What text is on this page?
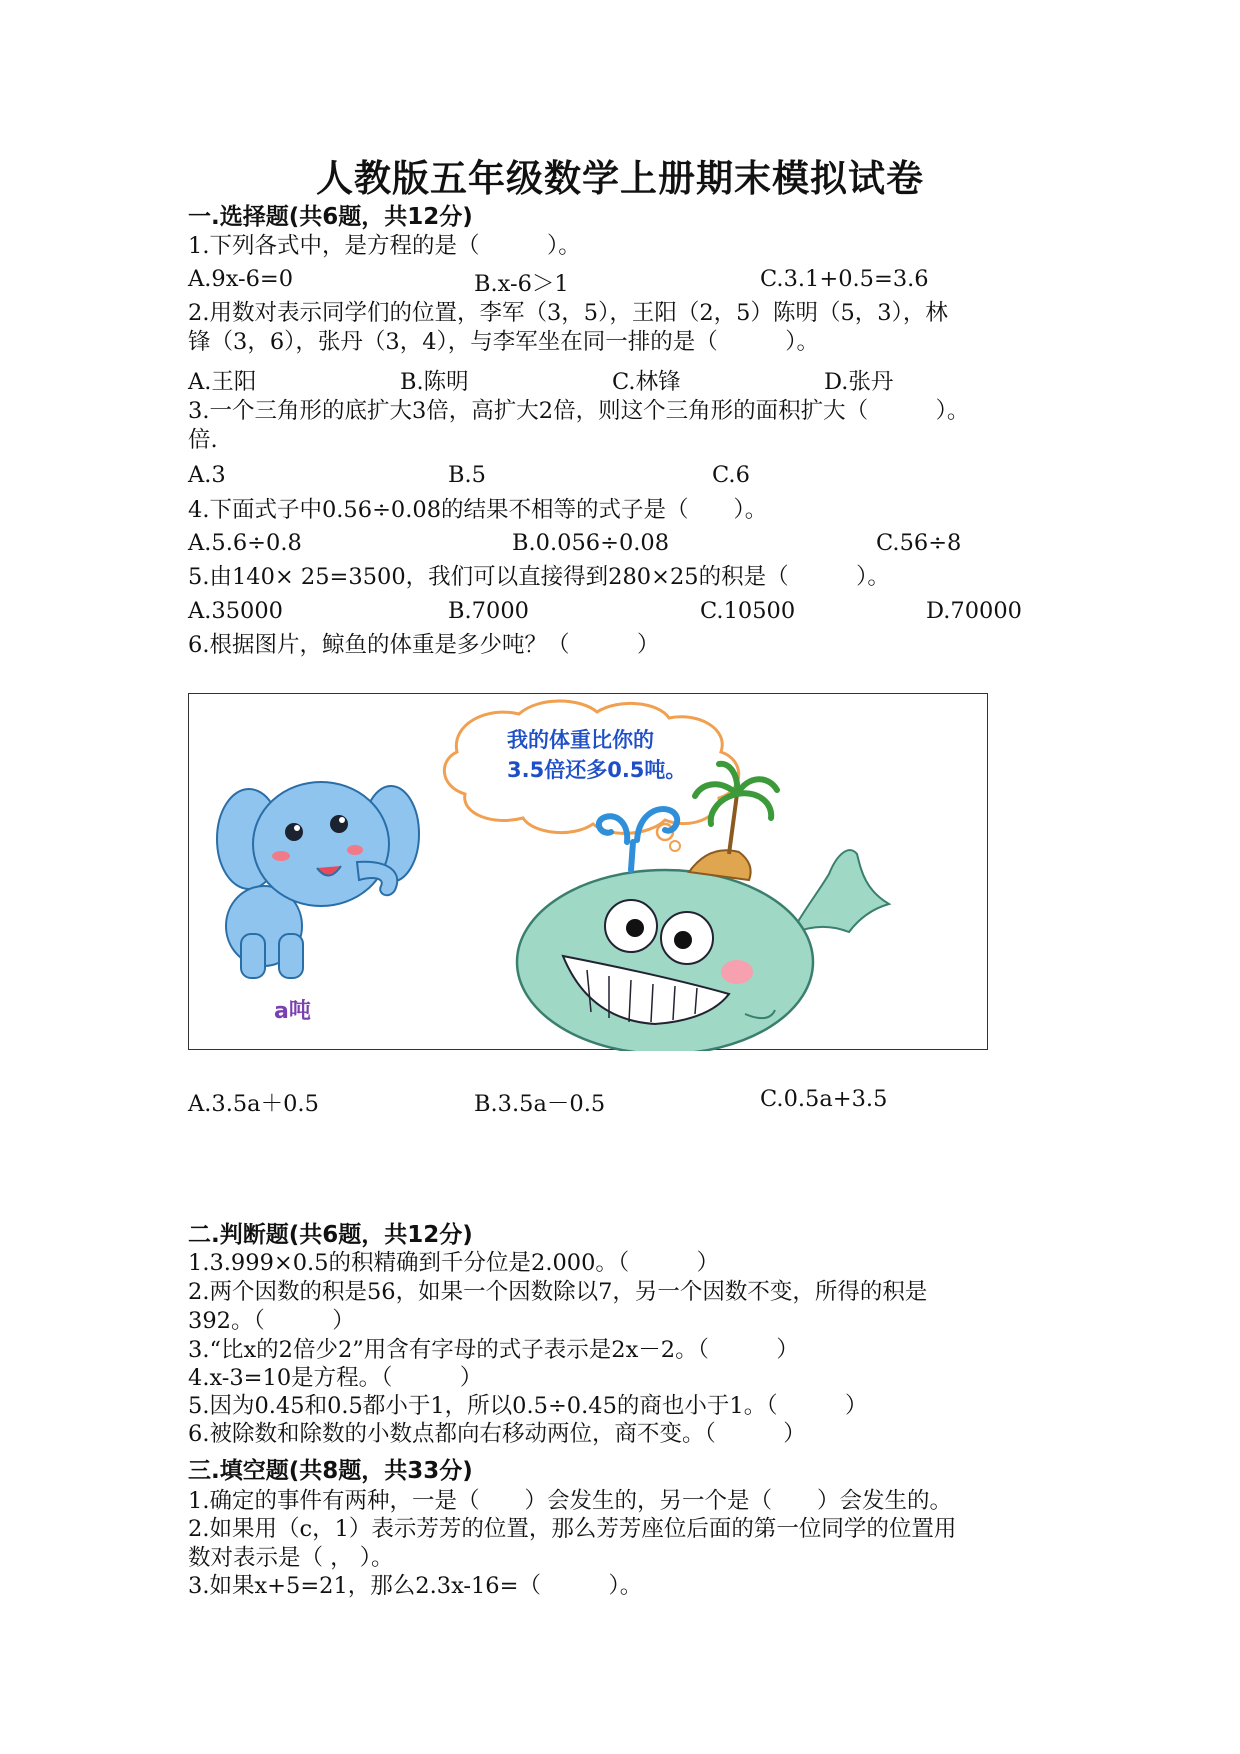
人教版五年级数学上册期末模拟试卷
一.选择题(共6题，共12分)
1.下列各式中，是方程的是（　　　）。
A.9x-6=0	B.x-6＞1	C.3.1+0.5=3.6
2.用数对表示同学们的位置，李军（3，5），王阳（2，5）陈明（5，3），林
锋（3，6），张丹（3，4），与李军坐在同一排的是（　　　）。
A.王阳	B.陈明	C.林锋	D.张丹
3.一个三角形的底扩大3倍，高扩大2倍，则这个三角形的面积扩大（　　　）。
倍.
A.3	B.5	C.6
4.下面式子中0.56÷0.08的结果不相等的式子是（　　）。
A.5.6÷0.8	B.0.056÷0.08	C.56÷8
5.由140× 25=3500，我们可以直接得到280×25的积是（　　　）。
A.35000	B.7000	C.10500	D.70000
6.根据图片，鲸鱼的体重是多少吨？（　　　）
我的体重比你的
3.5倍还多0.5吨。
a吨
A.3.5a＋0.5	B.3.5a－0.5	C.0.5a+3.5
二.判断题(共6题，共12分)
1.3.999×0.5的积精确到千分位是2.000。（　　　）
2.两个因数的积是56，如果一个因数除以7，另一个因数不变，所得的积是
392。（　　　）
3.“比x的2倍少2”用含有字母的式子表示是2x－2。（　　　）
4.x-3=10是方程。（　　　）
5.因为0.45和0.5都小于1，所以0.5÷0.45的商也小于1。（　　　）
6.被除数和除数的小数点都向右移动两位，商不变。（　　　）
三.填空题(共8题，共33分)
1.确定的事件有两种，一是（　　）会发生的，另一个是（　　）会发生的。
2.如果用（c，1）表示芳芳的位置，那么芳芳座位后面的第一位同学的位置用
数对表示是（ ， ）。
3.如果x+5=21，那么2.3x-16=（　　　）。
